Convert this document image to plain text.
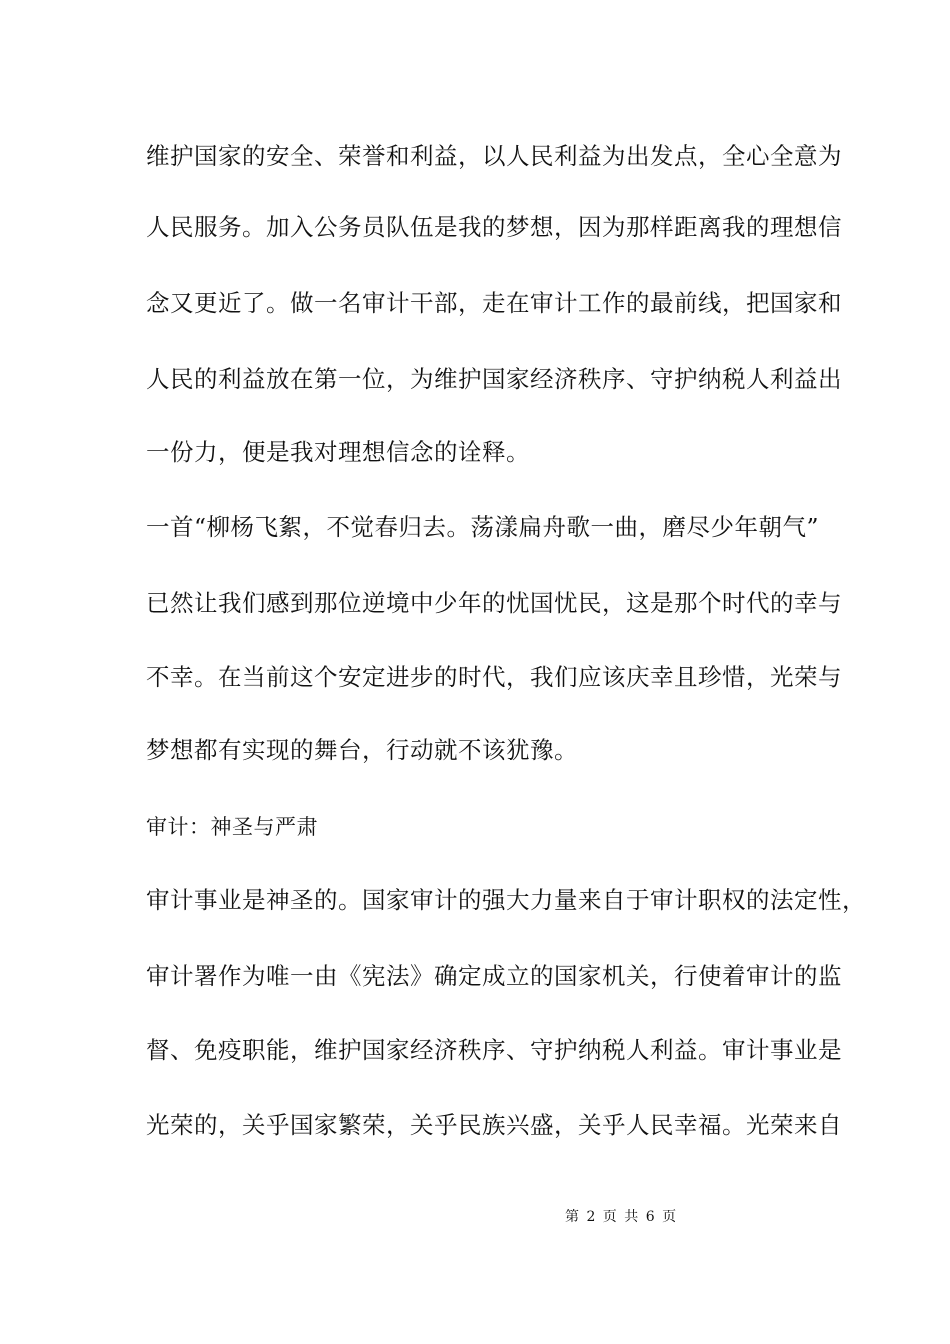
维护国家的安全、荣誉和利益，以人民利益为出发点，全心全意为
人民服务。加入公务员队伍是我的梦想，因为那样距离我的理想信
念又更近了。做一名审计干部，走在审计工作的最前线，把国家和
人民的利益放在第一位，为维护国家经济秩序、守护纳税人利益出
一份力，便是我对理想信念的诠释。
一首“柳杨飞絮，不觉春归去。荡漾扁舟歌一曲，磨尽少年朝气”
已然让我们感到那位逆境中少年的忧国忧民，这是那个时代的幸与
不幸。在当前这个安定进步的时代，我们应该庆幸且珍惜，光荣与
梦想都有实现的舞台，行动就不该犹豫。
审计：神圣与严肃
审计事业是神圣的。国家审计的强大力量来自于审计职权的法定性，
审计署作为唯一由《宪法》确定成立的国家机关，行使着审计的监
督、免疫职能，维护国家经济秩序、守护纳税人利益。审计事业是
光荣的，关乎国家繁荣，关乎民族兴盛，关乎人民幸福。光荣来自
第 2 页 共 6 页
